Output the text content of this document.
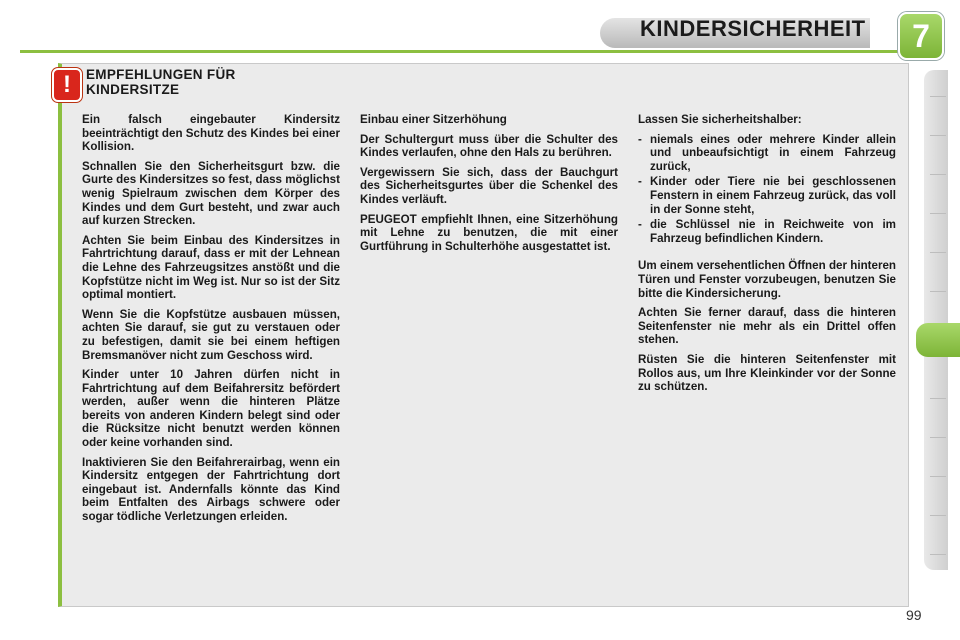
KINDERSICHERHEIT	7
!	EMPFEHLUNGEN FÜR
KINDERSITZE

Ein falsch eingebauter Kindersitz beeinträchtigt den Schutz des Kindes bei einer Kollision.

Schnallen Sie den Sicherheitsgurt bzw. die Gurte des Kindersitzes so fest, dass möglichst wenig Spielraum zwischen dem Körper des Kindes und dem Gurt besteht, und zwar auch auf kurzen Strecken.

Achten Sie beim Einbau des Kindersitzes in Fahrtrichtung darauf, dass er mit der Lehnean die Lehne des Fahrzeugsitzes anstößt und die Kopfstütze nicht im Weg ist. Nur so ist der Sitz optimal montiert.

Wenn Sie die Kopfstütze ausbauen müssen, achten Sie darauf, sie gut zu verstauen oder zu befestigen, damit sie bei einem heftigen Bremsmanöver nicht zum Geschoss wird.

Kinder unter 10 Jahren dürfen nicht in Fahrtrichtung auf dem Beifahrersitz befördert werden, außer wenn die hinteren Plätze bereits von anderen Kindern belegt sind oder die Rücksitze nicht benutzt werden können oder keine vorhanden sind.

Inaktivieren Sie den Beifahrerairbag, wenn ein Kindersitz entgegen der Fahrtrichtung dort eingebaut ist. Andernfalls könnte das Kind beim Entfalten des Airbags schwere oder sogar tödliche Verletzungen erleiden.

Einbau einer Sitzerhöhung

Der Schultergurt muss über die Schulter des Kindes verlaufen, ohne den Hals zu berühren.

Vergewissern Sie sich, dass der Bauchgurt des Sicherheitsgurtes über die Schenkel des Kindes verläuft.

PEUGEOT empfiehlt Ihnen, eine Sitzerhöhung mit Lehne zu benutzen, die mit einer Gurtführung in Schulterhöhe ausgestattet ist.

Lassen Sie sicherheitshalber:

- niemals eines oder mehrere Kinder allein und unbeaufsichtigt in einem Fahrzeug zurück,
- Kinder oder Tiere nie bei geschlossenen Fenstern in einem Fahrzeug zurück, das voll in der Sonne steht,
- die Schlüssel nie in Reichweite von im Fahrzeug befindlichen Kindern.

Um einem versehentlichen Öffnen der hinteren Türen und Fenster vorzubeugen, benutzen Sie bitte die Kindersicherung.

Achten Sie ferner darauf, dass die hinteren Seitenfenster nie mehr als ein Drittel offen stehen.

Rüsten Sie die hinteren Seitenfenster mit Rollos aus, um Ihre Kleinkinder vor der Sonne zu schützen.

99
